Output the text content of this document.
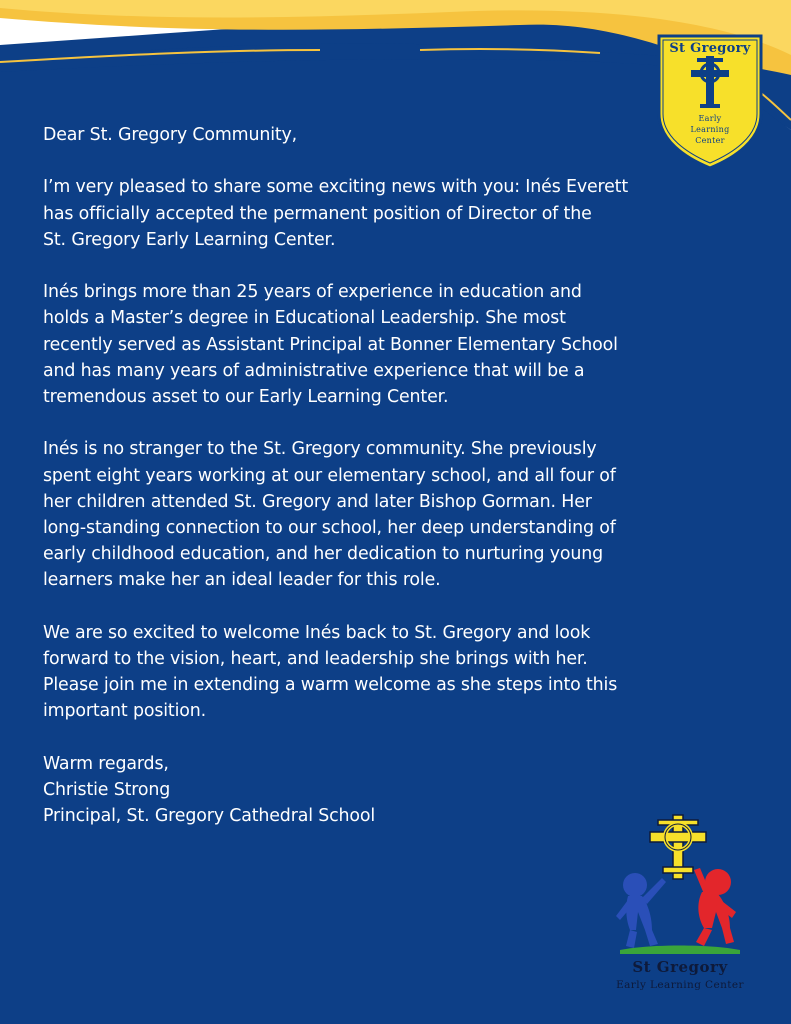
St Gregory
Early
Learning
Center

Dear St. Gregory Community,

I’m very pleased to share some exciting news with you: Inés Everett
has officially accepted the permanent position of Director of the
St. Gregory Early Learning Center.

Inés brings more than 25 years of experience in education and
holds a Master’s degree in Educational Leadership. She most
recently served as Assistant Principal at Bonner Elementary School
and has many years of administrative experience that will be a
tremendous asset to our Early Learning Center.

Inés is no stranger to the St. Gregory community. She previously
spent eight years working at our elementary school, and all four of
her children attended St. Gregory and later Bishop Gorman. Her
long-standing connection to our school, her deep understanding of
early childhood education, and her dedication to nurturing young
learners make her an ideal leader for this role.

We are so excited to welcome Inés back to St. Gregory and look
forward to the vision, heart, and leadership she brings with her.
Please join me in extending a warm welcome as she steps into this
important position.

Warm regards,
Christie Strong
Principal, St. Gregory Cathedral School

St Gregory
Early Learning Center
